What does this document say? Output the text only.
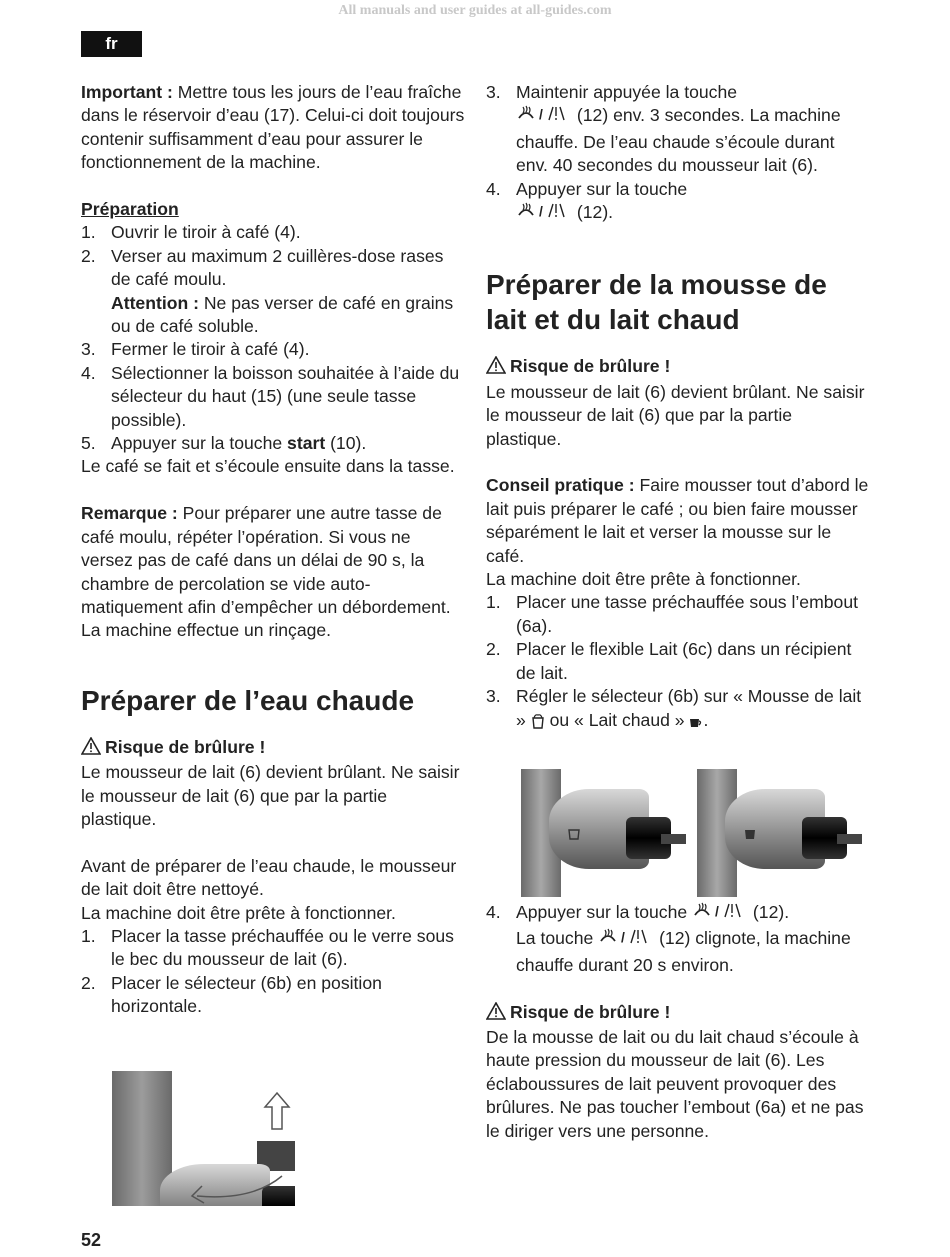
All manuals and user guides at all-guides.com
fr

Important : Mettre tous les jours de l’eau fraîche dans le réservoir d’eau (17). Celui-ci doit toujours contenir suffisamment d’eau pour assurer le fonctionnement de la machine.

Préparation

1. Ouvrir le tiroir à café (4).
2. Verser au maximum 2 cuillères-dose rases de café moulu.
Attention : Ne pas verser de café en grains ou de café soluble.
3. Fermer le tiroir à café (4).
4. Sélectionner la boisson souhaitée à l’aide du sélecteur du haut (15) (une seule tasse possible).
5. Appuyer sur la touche start (10).

Le café se fait et s’écoule ensuite dans la tasse.

Remarque : Pour préparer une autre tasse de café moulu, répéter l’opération. Si vous ne versez pas de café dans un délai de 90 s, la chambre de percolation se vide automatiquement afin d’empêcher un débordement. La machine effectue un rinçage.

Préparer de l’eau chaude

Risque de brûlure !

Le mousseur de lait (6) devient brûlant. Ne saisir le mousseur de lait (6) que par la partie plastique.

Avant de préparer de l’eau chaude, le mousseur de lait doit être nettoyé.

La machine doit être prête à fonctionner.

1. Placer la tasse préchauffée ou le verre sous le bec du mousseur de lait (6).
2. Placer le sélecteur (6b) en position horizontale.
3. Maintenir appuyée la touche

/ (12) env. 3 secondes. La machine chauffe. De l’eau chaude s’écoule durant env. 40 secondes du mousseur lait (6).
4. Appuyer sur la touche

/ (12).

Préparer de la mousse de lait et du lait chaud

Risque de brûlure !

Le mousseur de lait (6) devient brûlant. Ne saisir le mousseur de lait (6) que par la partie plastique.

Conseil pratique : Faire mousser tout d’abord le lait puis préparer le café ; ou bien faire mousser séparément le lait et verser la mousse sur le café.

La machine doit être prête à fonctionner.

1. Placer une tasse préchauffée sous l’embout (6a).
2. Placer le flexible Lait (6c) dans un récipient de lait.
3. Régler le sélecteur (6b) sur « Mousse de lait »  ou « Lait chaud » .
4. Appuyer sur la touche / (12).
La touche / (12) clignote, la machine chauffe durant 20 s environ.

Risque de brûlure !

De la mousse de lait ou du lait chaud s’écoule à haute pression du mousseur de lait (6). Les éclaboussures de lait peuvent provoquer des brûlures. Ne pas toucher l’embout (6a) et ne pas le diriger vers une personne.

52
